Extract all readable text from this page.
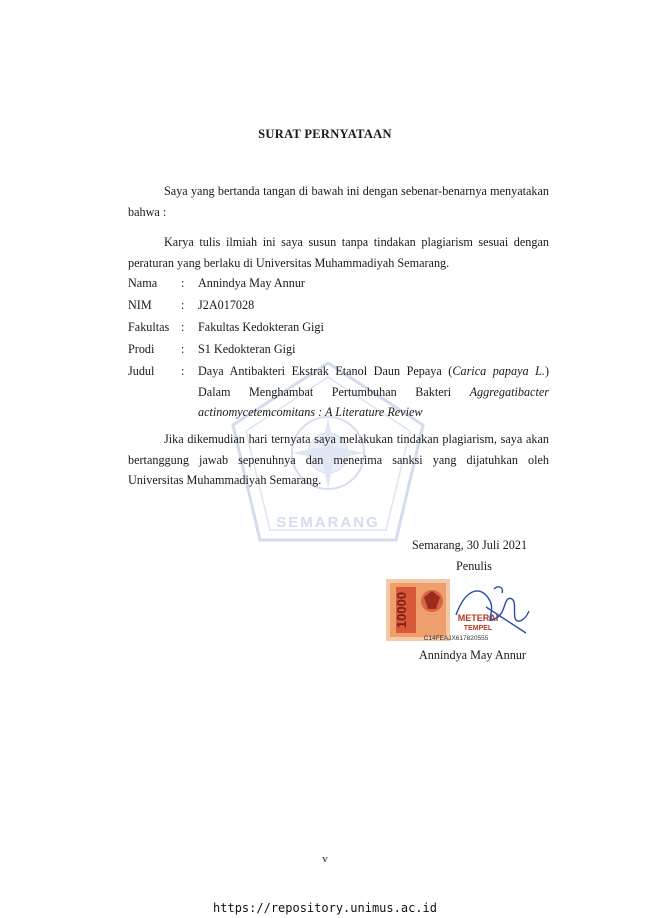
SEMARANG
SURAT PERNYATAAN
Saya yang bertanda tangan di bawah ini dengan sebenar-benarnya menyatakan bahwa :
Karya tulis ilmiah ini saya susun tanpa tindakan plagiarism sesuai dengan peraturan yang berlaku di Universitas Muhammadiyah Semarang.
Nama : Annindya May Annur
NIM : J2A017028
Fakultas : Fakultas Kedokteran Gigi
Prodi : S1 Kedokteran Gigi
Judul : Daya Antibakteri Ekstrak Etanol Daun Pepaya (Carica papaya L.) Dalam Menghambat Pertumbuhan Bakteri Aggregatibacter actinomycetemcomitans : A Literature Review
Jika dikemudian hari ternyata saya melakukan tindakan plagiarism, saya akan bertanggung jawab sepenuhnya dan menerima sanksi yang dijatuhkan oleh Universitas Muhammadiyah Semarang.
Semarang, 30 Juli 2021
Penulis
10000	METERAI
TEMPEL
C14FEAJX617820555
Annindya May Annur
v
https://repository.unimus.ac.id
